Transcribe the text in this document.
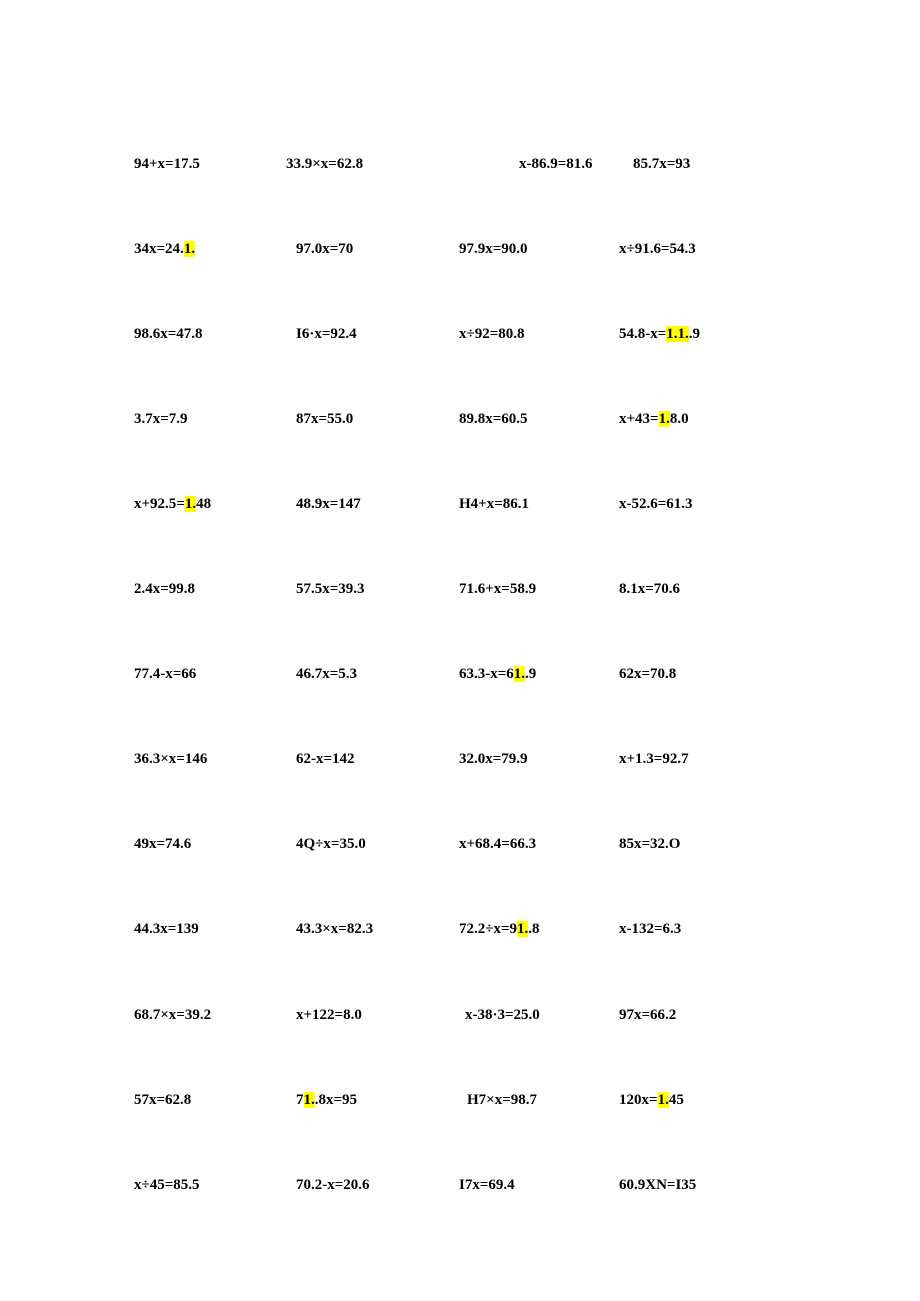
94+x=17.5	33.9×x=62.8	x-86.9=81.6	85.7x=93
34x=24.1.	97.0x=70	97.9x=90.0	x÷91.6=54.3
98.6x=47.8	I6·x=92.4	x÷92=80.8	54.8-x=1.1..9
3.7x=7.9	87x=55.0	89.8x=60.5	x+43=1.8.0
x+92.5=1.48	48.9x=147	H4+x=86.1	x-52.6=61.3
2.4x=99.8	57.5x=39.3	71.6+x=58.9	8.1x=70.6
77.4-x=66	46.7x=5.3	63.3-x=61..9	62x=70.8
36.3×x=146	62-x=142	32.0x=79.9	x+1.3=92.7
49x=74.6	4Q÷x=35.0	x+68.4=66.3	85x=32.O
44.3x=139	43.3×x=82.3	72.2÷x=91..8	x-132=6.3
68.7×x=39.2	x+122=8.0	x-38·3=25.0	97x=66.2
57x=62.8	71..8x=95	H7×x=98.7	120x=1.45
x÷45=85.5	70.2-x=20.6	I7x=69.4	60.9XN=I35
